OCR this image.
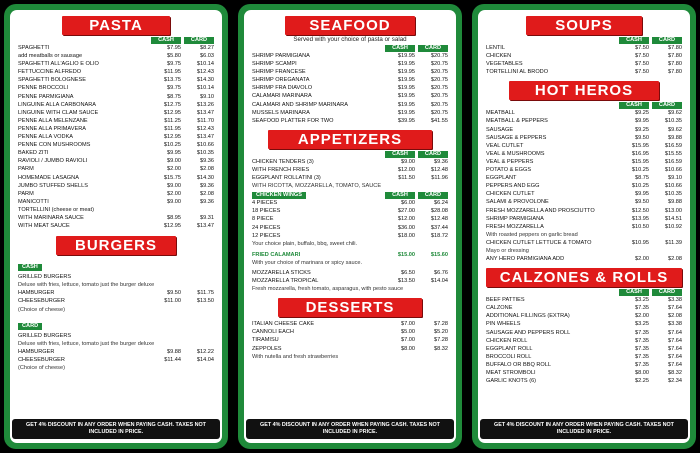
PASTA
CASH	CARD
SPAGHETTI	$7.95	$8.27
add meatballs or sausage	$5.80	$6.03
SPAGHETTI ALL'AGLIO E OLIO	$9.75	$10.14
FETTUCCINE ALFREDO	$11.95	$12.43
SPAGHETTI BOLOGNESE	$13.75	$14.30
PENNE BROCCOLI	$9.75	$10.14
PENNE PARMIGIANA	$8.75	$9.10
LINGUINE ALLA CARBONARA	$12.75	$13.26
LINGUINE WITH CLAM SAUCE	$12.95	$13.47
PENNE ALLA MELENZANE	$11.25	$11.70
PENNE ALLA PRIMAVERA	$11.95	$12.43
PENNE ALLA VODKA	$12.95	$13.47
PENNE CON MUSHROOMS	$10.25	$10.66
BAKED ZITI	$9.95	$10.35
RAVIOLI / JUMBO RAVIOLI	$9.00	$9.36
PARM	$2.00	$2.08
HOMEMADE LASAGNA	$15.75	$14.30
JUMBO STUFFED SHELLS	$9.00	$9.36
PARM	$2.00	$2.08
MANICOTTI	$9.00	$9.36
TORTELLINI (cheese or meat)
WITH MARINARA SAUCE	$8.95	$9.31
WITH MEAT SAUCE	$12.95	$13.47
BURGERS
CASH
GRILLED BURGERS
Deluxe with fries, lettuce, tomato just the burger deluxe
HAMBURGER	$9.50	$11.75
CHEESEBURGER	$11.00	$13.50
(Choice of cheese)
CARD
GRILLED BURGERS
Deluxe with fries, lettuce, tomato just the burger deluxe
HAMBURGER	$9.88	$12.22
CHEESEBURGER	$11.44	$14.04
(Choice of cheese)
GET 4% DISCOUNT IN ANY ORDER WHEN PAYING CASH. TAXES NOT INCLUDED IN PRICE.
SEAFOOD
Served with your choice of pasta or salad
CASH	CARD
SHRIMP PARMIGIANA	$19.95	$20.75
SHRIMP SCAMPI	$19.95	$20.75
SHRIMP FRANCESE	$19.95	$20.75
SHRIMP OREGANATA	$19.95	$20.75
SHRIMP FRA DIAVOLO	$19.95	$20.75
CALAMARI MARINARA	$19.95	$20.75
CALAMARI AND SHRIMP MARINARA	$19.95	$20.75
MUSSELS MARINARA	$19.95	$20.75
SEAFOOD PLATTER FOR TWO	$39.95	$41.55
APPETIZERS
CASH	CARD
CHICKEN TENDERS (3)	$9.00	$9.36
WITH FRENCH FRIES	$12.00	$12.48
EGGPLANT ROLLATINI (3)	$11.50	$11.96
WITH RICOTTA, MOZZARELLA, TOMATO, SAUCE
CHICKEN WINGS	CASH	CARD
4 PIECES	$6.00	$6.24
18 PIECES	$27.00	$28.08
8 PIECE	$12.00	$12.48
24 PIECES	$36.00	$37.44
12 PIECES	$18.00	$18.72
Your choice plain, buffalo, bbq, sweet chili.
FRIED CALAMARI	$15.00	$15.60
With your choice of marinara or spicy sauce.
MOZZARELLA STICKS	$6.50	$6.76
MOZZARELLA TROPICAL	$13.50	$14.04
Fresh mozzarella, fresh tomato, asparagus, with pesto sauce
DESSERTS
ITALIAN CHEESE CAKE	$7.00	$7.28
CANNOLI EACH	$5.00	$5.20
TIRAMISU	$7.00	$7.28
ZEPPOLES	$8.00	$8.32
With nutella and fresh strawberries
GET 4% DISCOUNT IN ANY ORDER WHEN PAYING CASH. TAXES NOT INCLUDED IN PRICE.
SOUPS
CASH	CARD
LENTIL	$7.50	$7.80
CHICKEN	$7.50	$7.80
VEGETABLES	$7.50	$7.80
TORTELLINI AL BRODO	$7.50	$7.80
HOT HEROS
CASH	CARD
MEATBALL	$9.25	$9.62
MEATBALL & PEPPERS	$9.95	$10.35
SAUSAGE	$9.25	$9.62
SAUSAGE & PEPPERS	$9.50	$9.88
VEAL CUTLET	$15.95	$16.59
VEAL & MUSHROOMS	$16.95	$15.55
VEAL & PEPPERS	$15.95	$16.59
POTATO & EGGS	$10.25	$10.66
EGGPLANT	$8.75	$9.10
PEPPERS AND EGG	$10.25	$10.66
CHICKEN CUTLET	$9.95	$10.35
SALAMI & PROVOLONE	$9.50	$9.88
FRESH MOZZARELLA AND PROSCIUTTO	$12.50	$13.00
SHRIMP PARMIGIANA	$13.95	$14.51
FRESH MOZZARELLA	$10.50	$10.92
With roasted peppers on garlic bread
CHICKEN CUTLET LETTUCE & TOMATO	$10.95	$11.39
Mayo or dressing
ANY HERO PARMIGIANA ADD	$2.00	$2.08
CALZONES & ROLLS
CASH	CARD
BEEF PATTIES	$3.25	$3.38
CALZONE	$7.35	$7.64
ADDITIONAL FILLINGS (EXTRA)	$2.00	$2.08
PIN WHEELS	$3.25	$3.38
SAUSAGE AND PEPPERS ROLL	$7.35	$7.64
CHICKEN ROLL	$7.35	$7.64
EGGPLANT ROLL	$7.35	$7.64
BROCCOLI ROLL	$7.35	$7.64
BUFFALO OR BBQ ROLL	$7.35	$7.64
MEAT STROMBOLI	$8.00	$8.32
GARLIC KNOTS (6)	$2.25	$2.34
GET 4% DISCOUNT IN ANY ORDER WHEN PAYING CASH. TAXES NOT INCLUDED IN PRICE.
